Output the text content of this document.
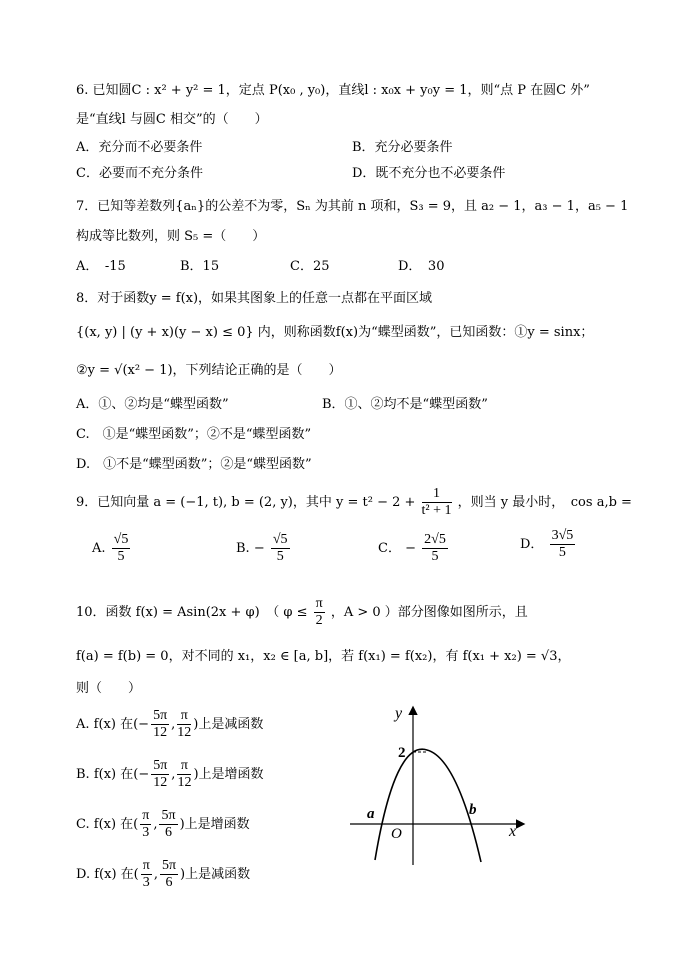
6. 已知圆C : x² + y² = 1，定点 P(x₀ , y₀)，直线l : x₀x + y₀y = 1，则“点 P 在圆C 外”
是“直线l 与圆C 相交”的（　　）
A．充分而不必要条件	B．充分必要条件
C．必要而不充分条件	D．既不充分也不必要条件
7．已知等差数列{aₙ}的公差不为零，Sₙ 为其前 n 项和，S₃ = 9，且 a₂ − 1，a₃ − 1，a₅ − 1
构成等比数列，则 S₅ =（　　）
A．　-15	B．15	C．25	D．　30
8．对于函数y = f(x)，如果其图象上的任意一点都在平面区域
{(x, y) | (y + x)(y − x) ≤ 0} 内，则称函数f(x)为“蝶型函数”，已知函数：①y = sinx；
②y = √(x² − 1)，下列结论正确的是（　　）
A．①、②均是“蝶型函数”	B．①、②均不是“蝶型函数”
C.　①是“蝶型函数”；②不是“蝶型函数”
D.　①不是“蝶型函数”；②是“蝶型函数”
9．已知向量 a = (−1, t), b = (2, y)，其中 $y = t^2 - 2 + \frac{1}{\text{t² + 1}}$ ，则当 y 最小时，　cos a,b =
A. $\frac{√5}{5}$	B. − $\frac{√5}{5}$	C． − $\frac{2√5}{5}$	D． $\frac{3√5}{5}$
10．函数 f(x) = Asin(2x + φ)　（ $\varphi \le \frac{\pi}{2}$ ，A > 0 ）部分图像如图所示，且
f(a) = f(b) = 0，对不同的 x₁，x₂ ∈ [a, b]，若 f(x₁) = f(x₂)，有 f(x₁ + x₂) = √3，
则（　　）
A. f(x) 在(− $\frac{5\pi}{12}$ , $\frac{\pi}{12}$ )上是减函数
B. f(x) 在(− $\frac{5\pi}{12}$ , $\frac{\pi}{12}$ )上是增函数
C. f(x) 在( $\frac{\pi}{3}$ , $\frac{5\pi}{6}$ )上是增函数
D. f(x) 在( $\frac{\pi}{3}$ , $\frac{5\pi}{6}$ )上是减函数
y
x
O
2
a	b
